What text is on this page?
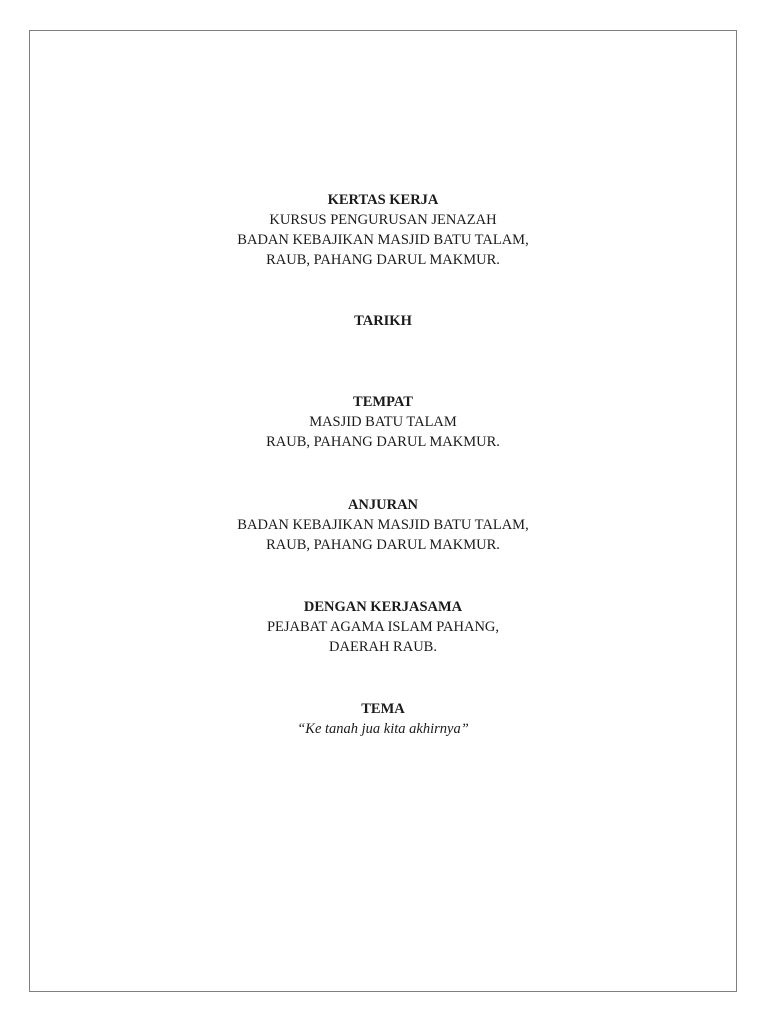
KERTAS KERJA
KURSUS PENGURUSAN JENAZAH
BADAN KEBAJIKAN MASJID BATU TALAM,
RAUB, PAHANG DARUL MAKMUR.
TARIKH
TEMPAT
MASJID BATU TALAM
RAUB, PAHANG DARUL MAKMUR.
ANJURAN
BADAN KEBAJIKAN MASJID BATU TALAM,
RAUB, PAHANG DARUL MAKMUR.
DENGAN KERJASAMA
PEJABAT AGAMA ISLAM PAHANG,
DAERAH RAUB.
TEMA
“Ke tanah jua kita akhirnya”
